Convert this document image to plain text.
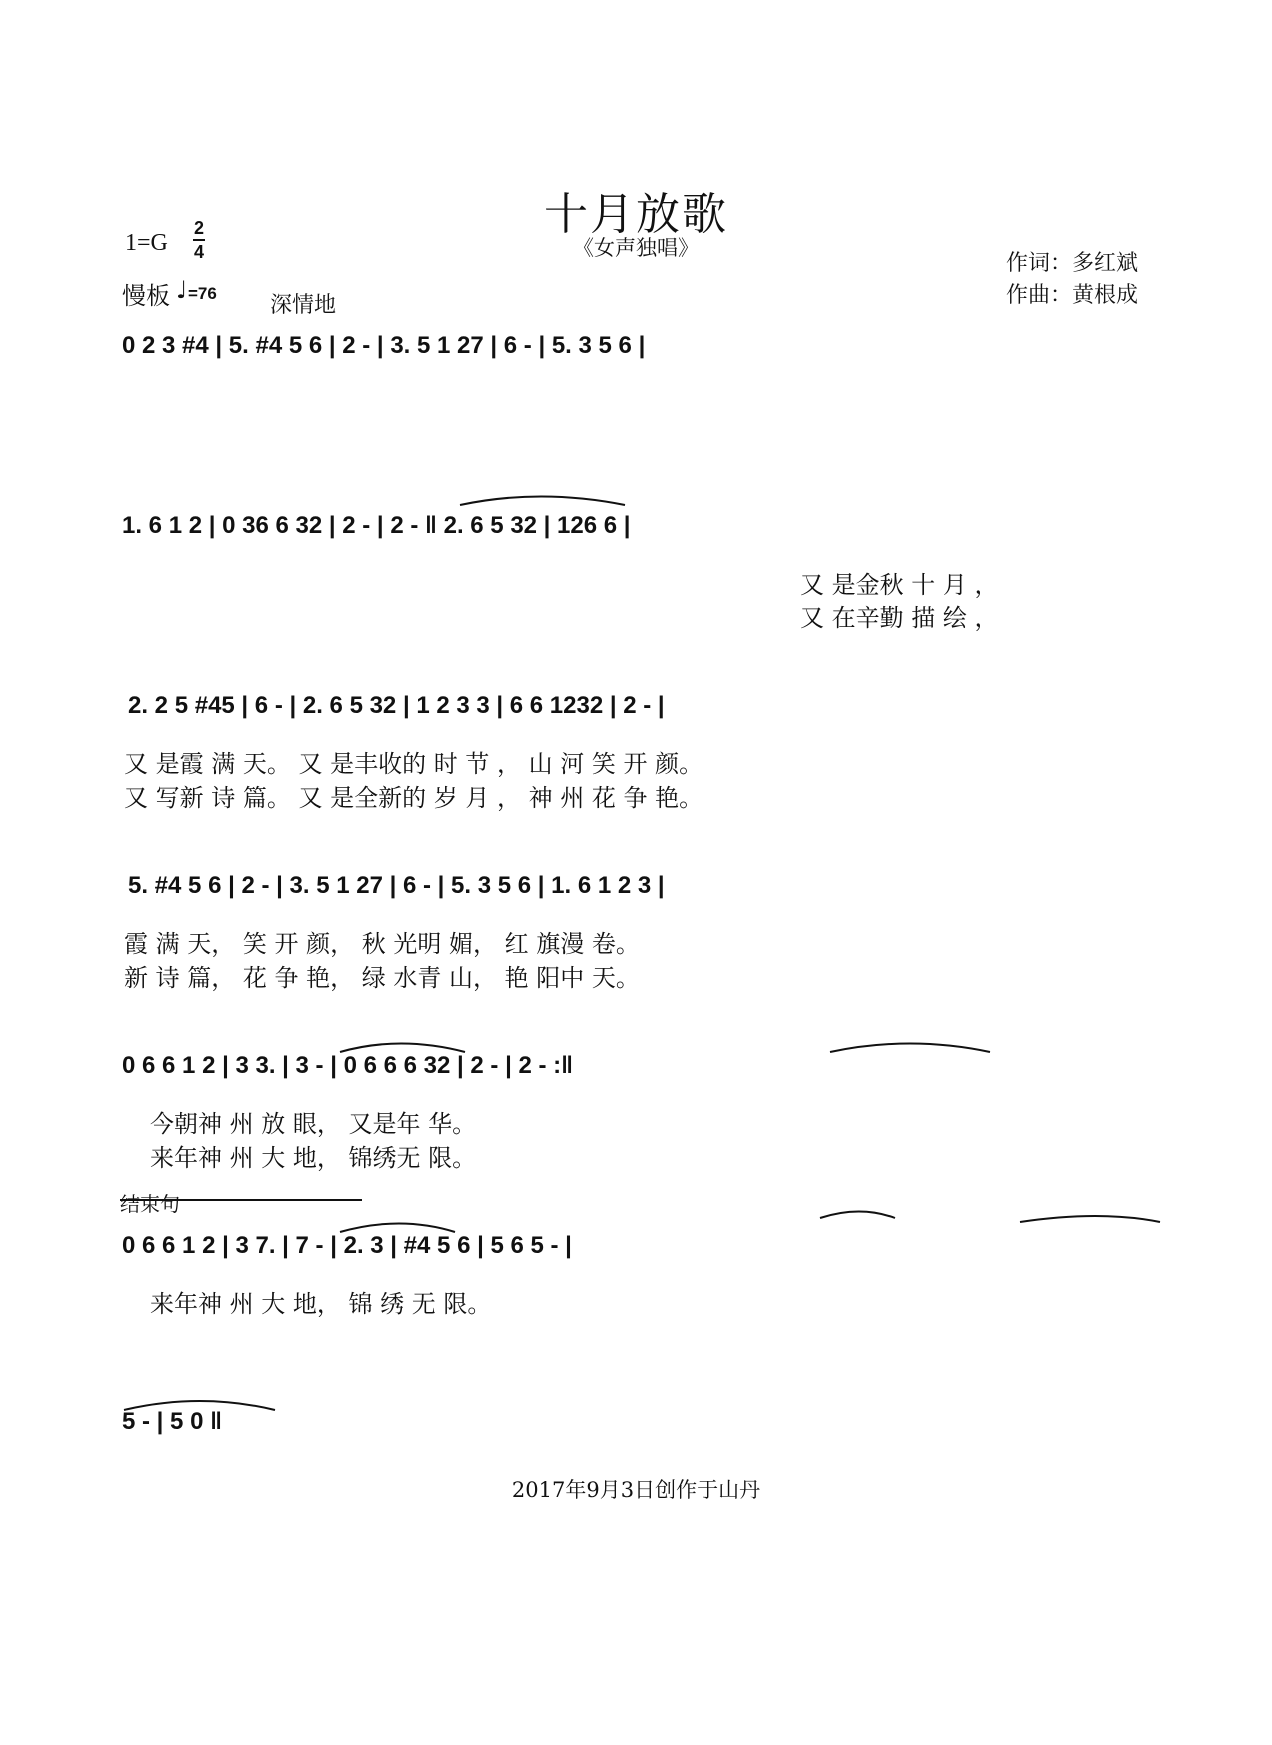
十月放歌
《女声独唱》
1=G
2
4
慢板 ♩ =76 深情地
作词：多红斌
作曲：黄根成
0 2 3 #4 | 5. #4 5 6 | 2 - | 3. 5 1 27 | 6 - | 5. 3 5 6 |
1. 6 1 2 | 0 36 6 32 | 2 - | 2 - ‖ 2. 6 5 32 | 126 6 |
又 是金秋 十 月 ，
又 在辛勤 描 绘 ，
2. 2 5 #45 | 6 - | 2. 6 5 32 | 1 2 3 3 | 6 6 1232 | 2 - |
又 是霞 满 天。 又 是丰收的 时 节 ， 山 河 笑 开 颜。
又 写新 诗 篇。 又 是全新的 岁 月 ， 神 州 花 争 艳。
5. #4 5 6 | 2 - | 3. 5 1 27 | 6 - | 5. 3 5 6 | 1. 6 1 2 3 |
霞 满 天， 笑 开 颜， 秋 光明 媚， 红 旗漫 卷。
新 诗 篇， 花 争 艳， 绿 水青 山， 艳 阳中 天。
0 6 6 1 2 | 3 3. | 3 - | 0 6 6 6 32 | 2 - | 2 - :‖
今朝神 州 放 眼， 又是年 华。
来年神 州 大 地， 锦绣无 限。
结束句
0 6 6 1 2 | 3 7. | 7 - | 2. 3 | #4 5 6 | 5 6 5 - |
来年神 州 大 地， 锦 绣 无 限。
5 - | 5 0 ‖
2017年9月3日创作于山丹
